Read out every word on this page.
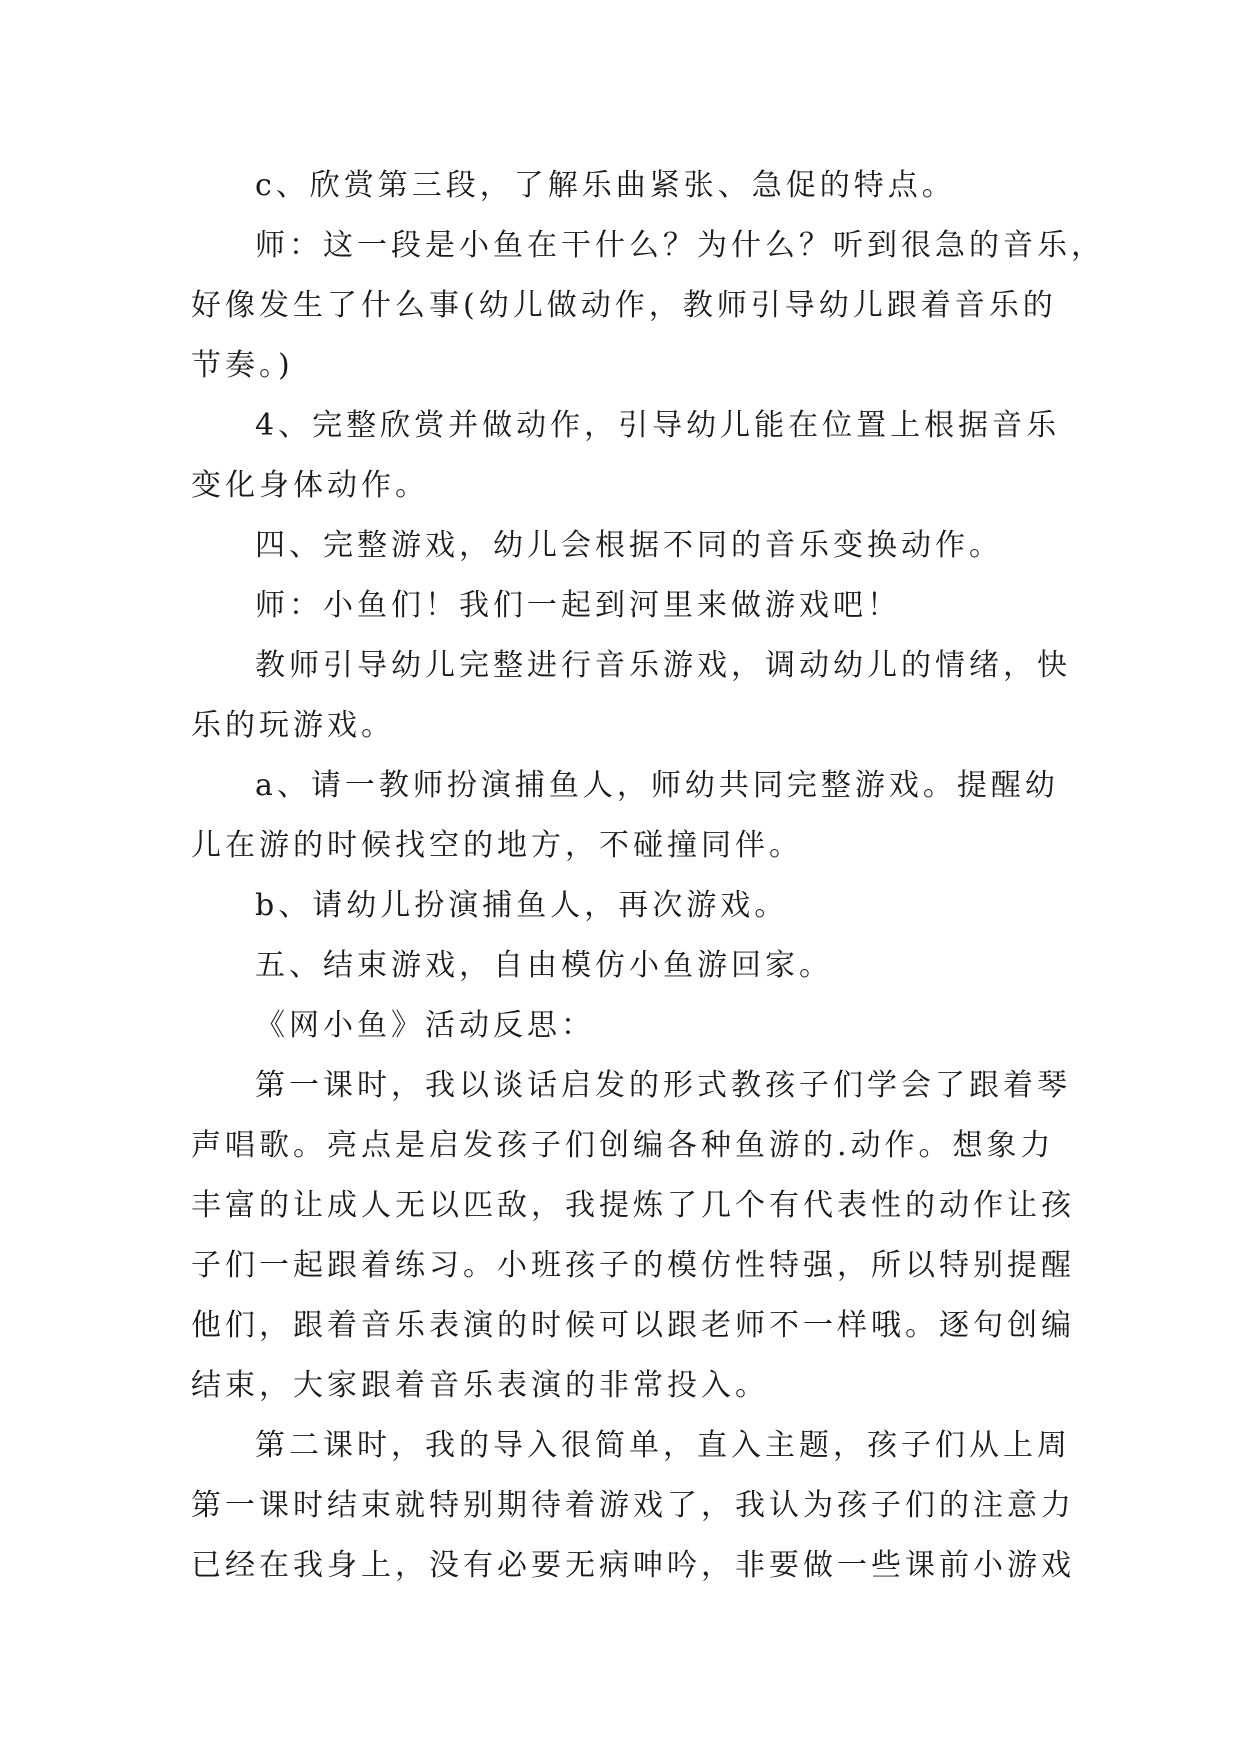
c、欣赏第三段，了解乐曲紧张、急促的特点。
师：这一段是小鱼在干什么？为什么？听到很急的音乐，
好像发生了什么事(幼儿做动作，教师引导幼儿跟着音乐的
节奏。)
4、完整欣赏并做动作，引导幼儿能在位置上根据音乐
变化身体动作。
四、完整游戏，幼儿会根据不同的音乐变换动作。
师：小鱼们！我们一起到河里来做游戏吧！
教师引导幼儿完整进行音乐游戏，调动幼儿的情绪，快
乐的玩游戏。
a、请一教师扮演捕鱼人，师幼共同完整游戏。提醒幼
儿在游的时候找空的地方，不碰撞同伴。
b、请幼儿扮演捕鱼人，再次游戏。
五、结束游戏，自由模仿小鱼游回家。
《网小鱼》活动反思：
第一课时，我以谈话启发的形式教孩子们学会了跟着琴
声唱歌。亮点是启发孩子们创编各种鱼游的.动作。想象力
丰富的让成人无以匹敌，我提炼了几个有代表性的动作让孩
子们一起跟着练习。小班孩子的模仿性特强，所以特别提醒
他们，跟着音乐表演的时候可以跟老师不一样哦。逐句创编
结束，大家跟着音乐表演的非常投入。
第二课时，我的导入很简单，直入主题，孩子们从上周
第一课时结束就特别期待着游戏了，我认为孩子们的注意力
已经在我身上，没有必要无病呻吟，非要做一些课前小游戏
